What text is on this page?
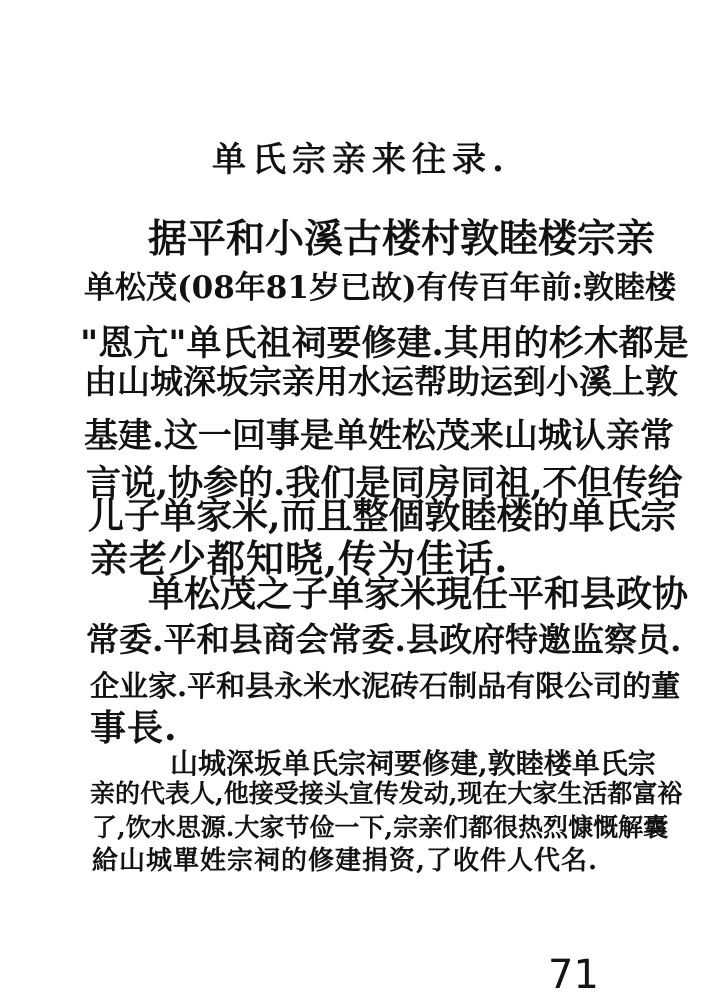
单氏宗亲来往录.
据平和小溪古楼村敦睦楼宗亲
单松茂(08年81岁已故)有传百年前:敦睦楼
"恩亢"单氏祖祠要修建.其用的杉木都是
由山城深坂宗亲用水运帮助运到小溪上敦
基建.这一回事是单姓松茂来山城认亲常
言说,协参的.我们是同房同祖,不但传给
儿子单家米,而且整個敦睦楼的单氏宗
亲老少都知晓,传为佳话.
单松茂之子单家米現任平和县政协
常委.平和县商会常委.县政府特邀监察员.
企业家.平和县永米水泥砖石制品有限公司的董
事長.
山城深坂单氏宗祠要修建,敦睦楼单氏宗
亲的代表人,他接受接头宣传发动,现在大家生活都富裕
了,饮水思源.大家节俭一下,宗亲们都很热烈慷慨解囊
給山城單姓宗祠的修建捐资,了收件人代名.
71
